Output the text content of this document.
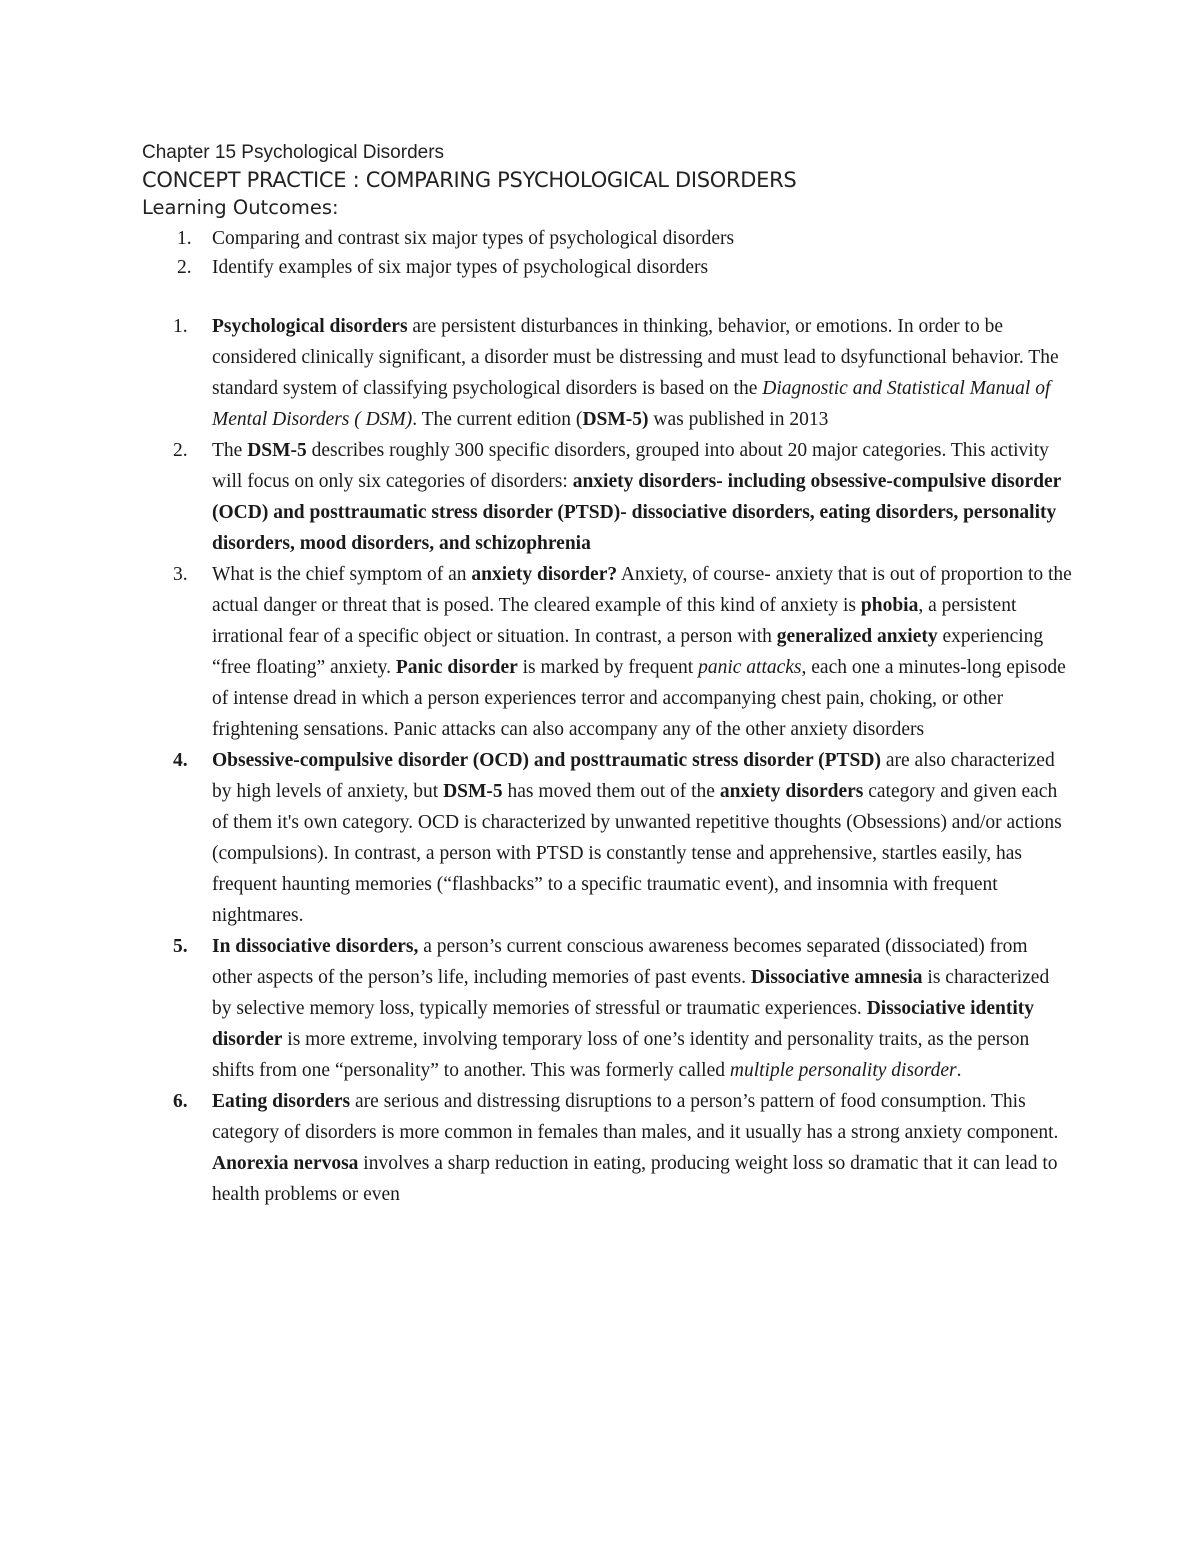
Chapter 15 Psychological Disorders
CONCEPT PRACTICE : COMPARING PSYCHOLOGICAL DISORDERS
Learning Outcomes:
1. Comparing and contrast six major types of psychological disorders
2. Identify examples of six major types of psychological disorders
1. Psychological disorders are persistent disturbances in thinking, behavior, or emotions. In order to be considered clinically significant, a disorder must be distressing and must lead to dsyfunctional behavior. The standard system of classifying psychological disorders is based on the Diagnostic and Statistical Manual of Mental Disorders ( DSM). The current edition (DSM-5) was published in 2013
2. The DSM-5 describes roughly 300 specific disorders, grouped into about 20 major categories. This activity will focus on only six categories of disorders: anxiety disorders- including obsessive-compulsive disorder (OCD) and posttraumatic stress disorder (PTSD)- dissociative disorders, eating disorders, personality disorders, mood disorders, and schizophrenia
3. What is the chief symptom of an anxiety disorder? Anxiety, of course- anxiety that is out of proportion to the actual danger or threat that is posed. The cleared example of this kind of anxiety is phobia, a persistent irrational fear of a specific object or situation. In contrast, a person with generalized anxiety experiencing “free floating” anxiety. Panic disorder is marked by frequent panic attacks, each one a minutes-long episode of intense dread in which a person experiences terror and accompanying chest pain, choking, or other frightening sensations. Panic attacks can also accompany any of the other anxiety disorders
4. Obsessive-compulsive disorder (OCD) and posttraumatic stress disorder (PTSD) are also characterized by high levels of anxiety, but DSM-5 has moved them out of the anxiety disorders category and given each of them it's own category. OCD is characterized by unwanted repetitive thoughts (Obsessions) and/or actions (compulsions). In contrast, a person with PTSD is constantly tense and apprehensive, startles easily, has frequent haunting memories (“flashbacks” to a specific traumatic event), and insomnia with frequent nightmares.
5. In dissociative disorders, a person’s current conscious awareness becomes separated (dissociated) from other aspects of the person’s life, including memories of past events. Dissociative amnesia is characterized by selective memory loss, typically memories of stressful or traumatic experiences. Dissociative identity disorder is more extreme, involving temporary loss of one’s identity and personality traits, as the person shifts from one “personality” to another. This was formerly called multiple personality disorder.
6. Eating disorders are serious and distressing disruptions to a person’s pattern of food consumption. This category of disorders is more common in females than males, and it usually has a strong anxiety component. Anorexia nervosa involves a sharp reduction in eating, producing weight loss so dramatic that it can lead to health problems or even
